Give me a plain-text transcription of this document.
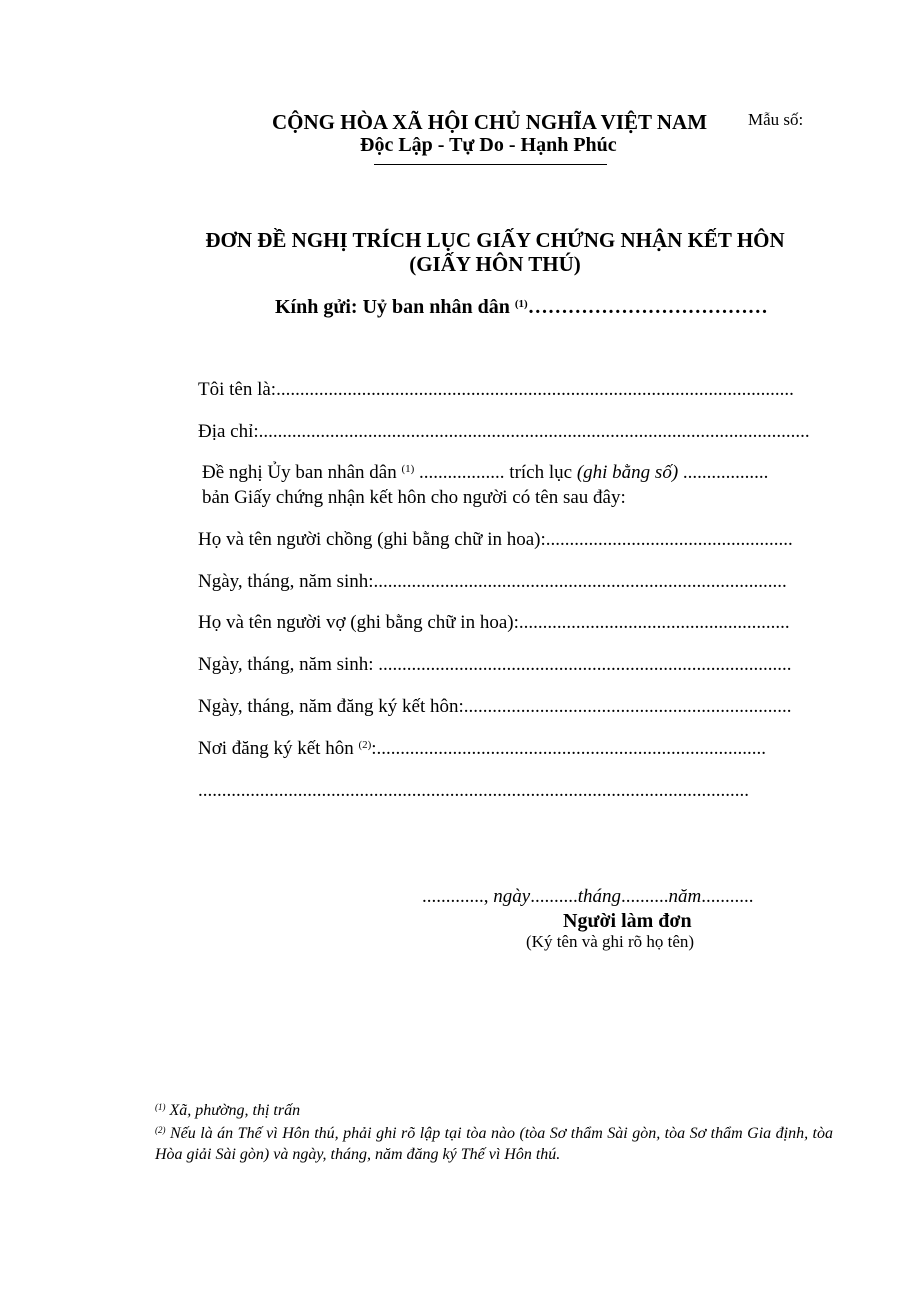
CỘNG HÒA XÃ HỘI CHỦ NGHĨA VIỆT NAM Mẫu số:
Độc Lập - Tự Do - Hạnh Phúc
ĐƠN ĐỀ NGHỊ TRÍCH LỤC GIẤY CHỨNG NHẬN KẾT HÔN
(GIẤY HÔN THÚ)
Kính gửi: Uỷ ban nhân dân $^{(1)}$………………………………
Tôi tên là:.............................................................................................................
Địa chỉ:....................................................................................................................
Đề nghị Ủy ban nhân dân $^{(1)}$ .................. trích lục (ghi bằng số) ..................
bản Giấy chứng nhận kết hôn cho người có tên sau đây:
Họ và tên người chồng (ghi bằng chữ in hoa):....................................................
Ngày, tháng, năm sinh:.......................................................................................
Họ và tên người vợ (ghi bằng chữ in hoa):.........................................................
Ngày, tháng, năm sinh: .......................................................................................
Ngày, tháng, năm đăng ký kết hôn:.....................................................................
Nơi đăng ký kết hôn $^{(2)}$:..................................................................................
....................................................................................................................
............., ngày..........tháng..........năm...........
Người làm đơn
(Ký tên và ghi rõ họ tên)
$^{(1)}$ Xã, phường, thị trấn
$^{(2)}$ Nếu là án Thế vì Hôn thú, phải ghi rõ lập tại tòa nào (tòa Sơ thẩm Sài gòn, tòa Sơ thẩm Gia định, tòa Hòa giải Sài gòn) và ngày, tháng, năm đăng ký Thế vì Hôn thú.
